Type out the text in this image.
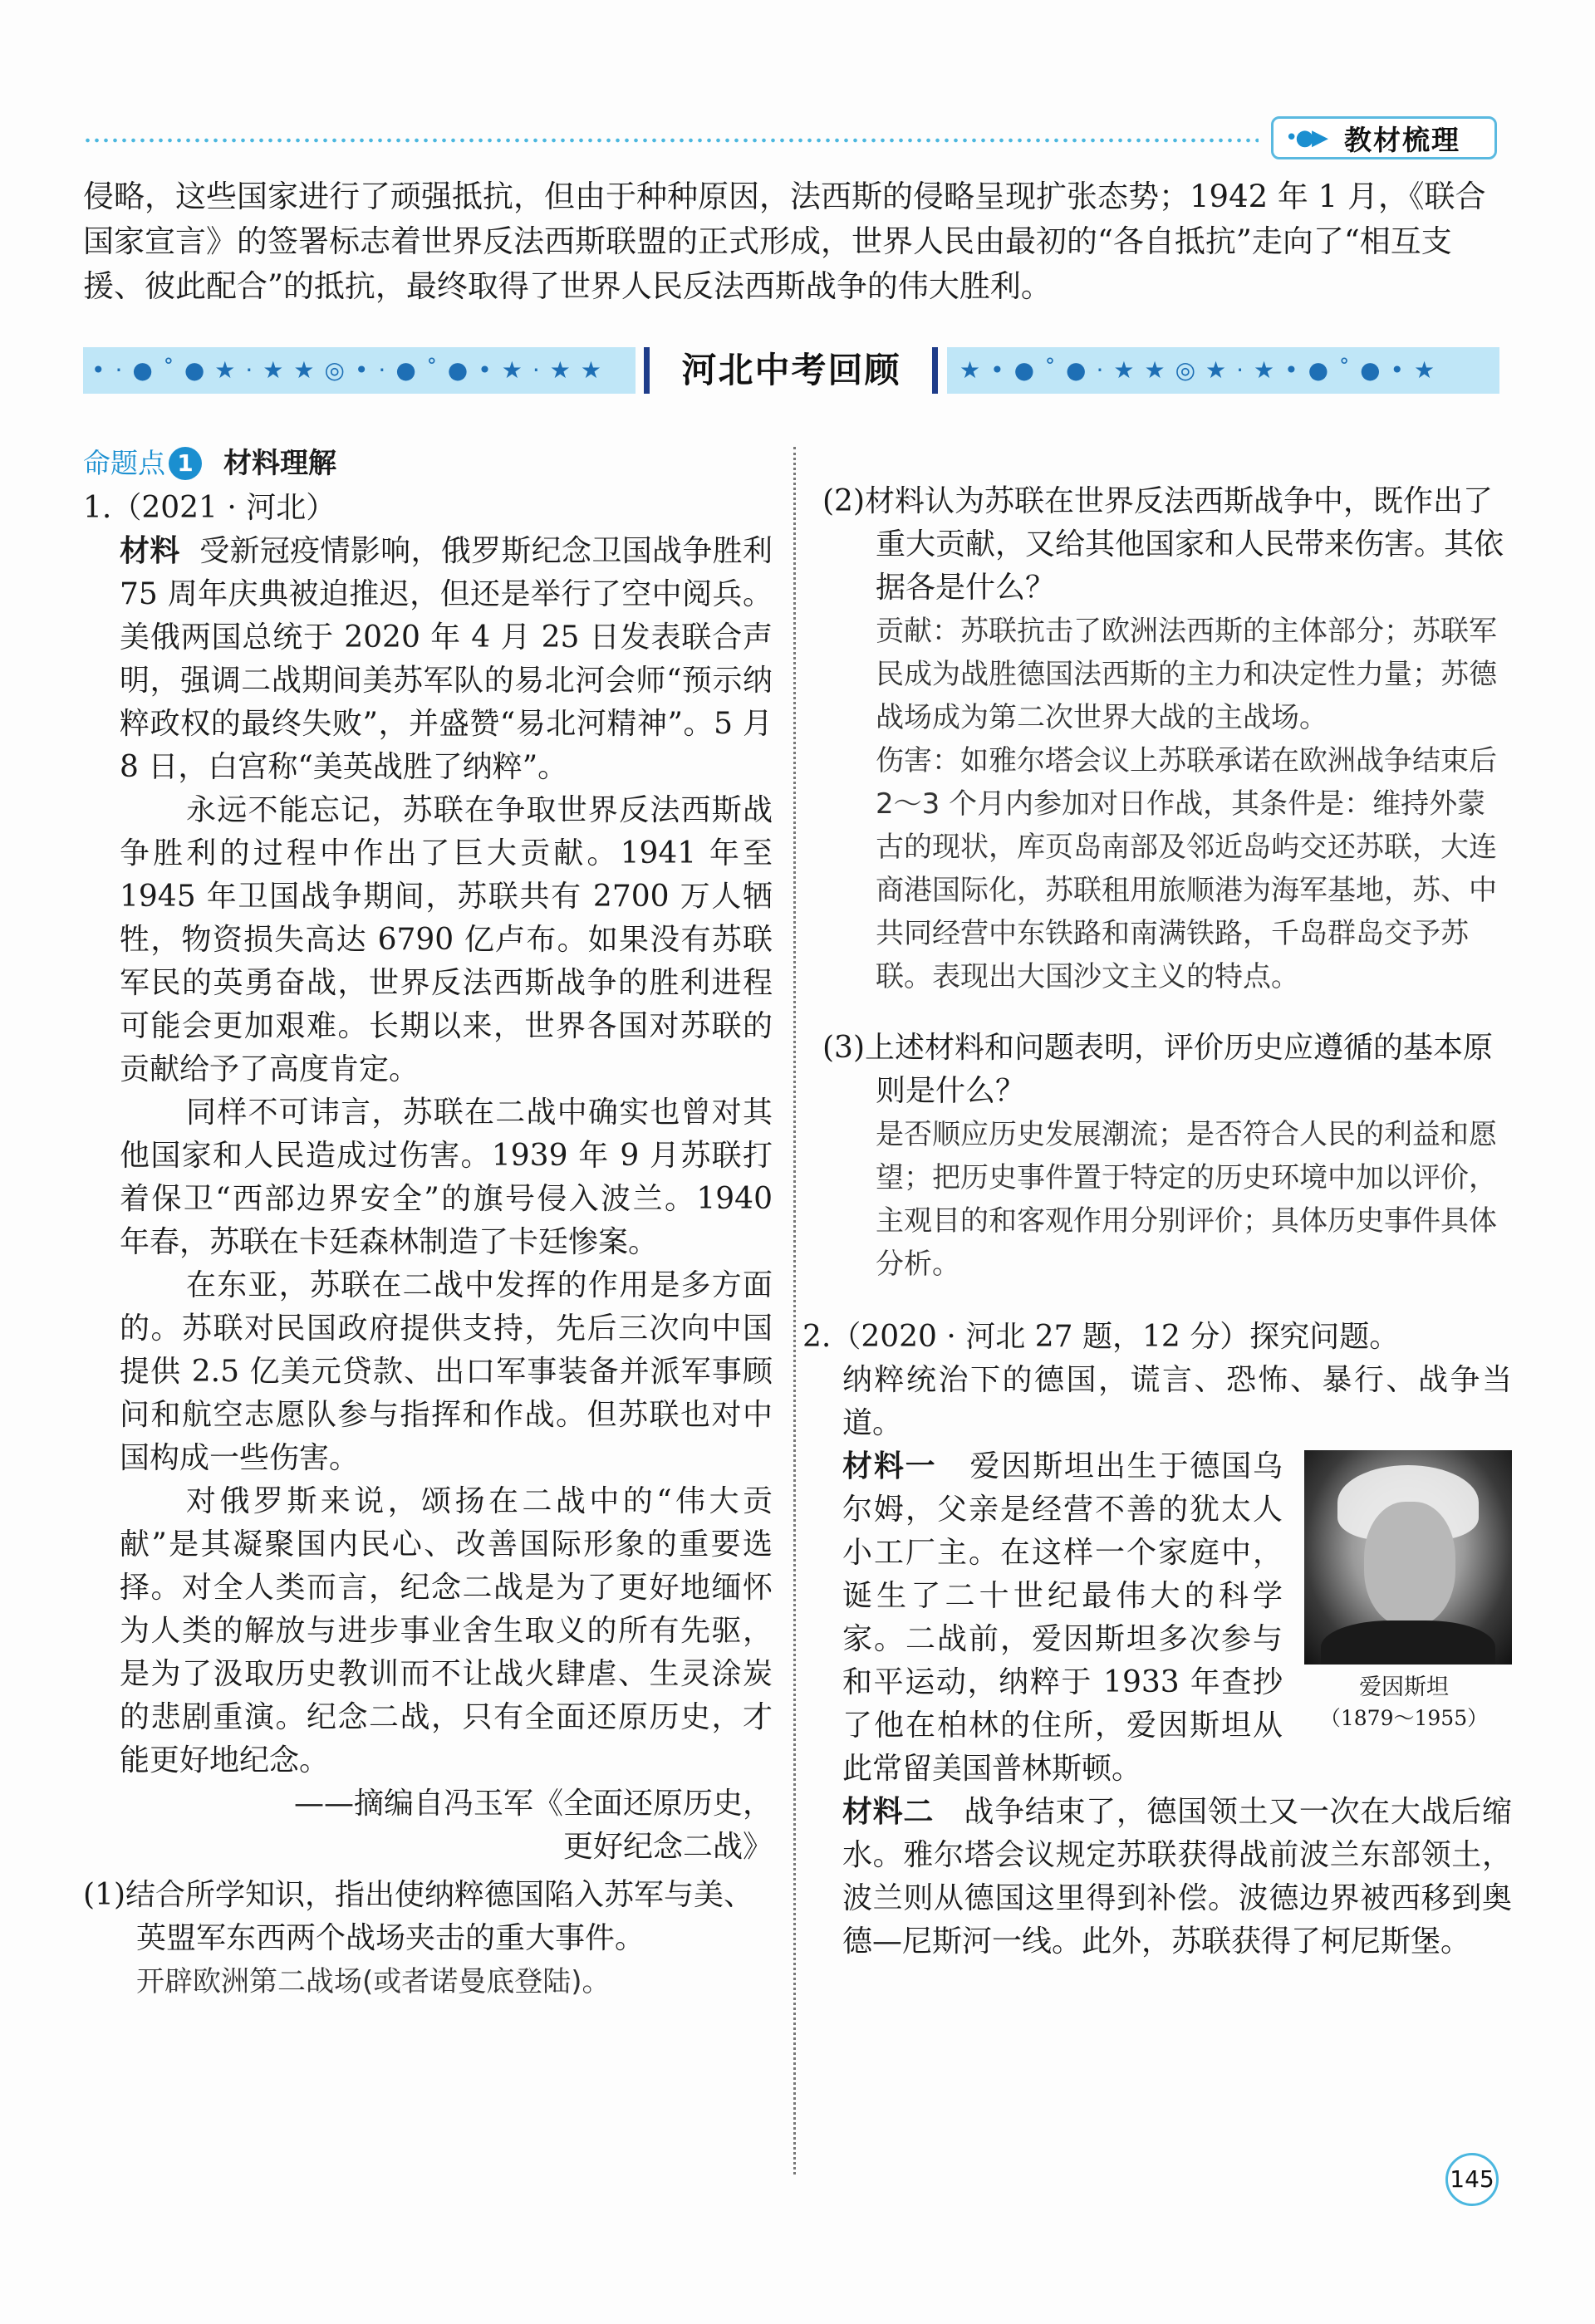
•●▶ 教材梳理

侵略，这些国家进行了顽强抵抗，但由于种种原因，法西斯的侵略呈现扩张态势；1942 年 1 月，《联合国家宣言》的签署标志着世界反法西斯联盟的正式形成，世界人民由最初的“各自抵抗”走向了“相互支援、彼此配合”的抵抗，最终取得了世界人民反法西斯战争的伟大胜利。

•·●˚●★·★★◎•·●˚●•★·★★	河北中考回顾	★•●˚●·★★◎★·★•●˚●•★
命题点 1	材料理解

1.（2021 · 河北）

材料 受新冠疫情影响，俄罗斯纪念卫国战争胜利 75 周年庆典被迫推迟，但还是举行了空中阅兵。美俄两国总统于 2020 年 4 月 25 日发表联合声明，强调二战期间美苏军队的易北河会师“预示纳粹政权的最终失败”，并盛赞“易北河精神”。5 月 8 日，白宫称“美英战胜了纳粹”。

永远不能忘记，苏联在争取世界反法西斯战争胜利的过程中作出了巨大贡献。1941 年至 1945 年卫国战争期间，苏联共有 2700 万人牺牲，物资损失高达 6790 亿卢布。如果没有苏联军民的英勇奋战，世界反法西斯战争的胜利进程可能会更加艰难。长期以来，世界各国对苏联的贡献给予了高度肯定。

同样不可讳言，苏联在二战中确实也曾对其他国家和人民造成过伤害。1939 年 9 月苏联打着保卫“西部边界安全”的旗号侵入波兰。1940 年春，苏联在卡廷森林制造了卡廷惨案。

在东亚，苏联在二战中发挥的作用是多方面的。苏联对民国政府提供支持，先后三次向中国提供 2.5 亿美元贷款、出口军事装备并派军事顾问和航空志愿队参与指挥和作战。但苏联也对中国构成一些伤害。

对俄罗斯来说，颂扬在二战中的“伟大贡献”是其凝聚国内民心、改善国际形象的重要选择。对全人类而言，纪念二战是为了更好地缅怀为人类的解放与进步事业舍生取义的所有先驱，是为了汲取历史教训而不让战火肆虐、生灵涂炭的悲剧重演。纪念二战，只有全面还原历史，才能更好地纪念。

——摘编自冯玉军《全面还原历史，

更好纪念二战》

(1)结合所学知识，指出使纳粹德国陷入苏军与美、英盟军东西两个战场夹击的重大事件。

开辟欧洲第二战场(或者诺曼底登陆)。

(2)材料认为苏联在世界反法西斯战争中，既作出了重大贡献，又给其他国家和人民带来伤害。其依据各是什么？

贡献：苏联抗击了欧洲法西斯的主体部分；苏联军民成为战胜德国法西斯的主力和决定性力量；苏德战场成为第二次世界大战的主战场。

伤害：如雅尔塔会议上苏联承诺在欧洲战争结束后 2～3 个月内参加对日作战，其条件是：维持外蒙古的现状，库页岛南部及邻近岛屿交还苏联，大连商港国际化，苏联租用旅顺港为海军基地，苏、中共同经营中东铁路和南满铁路，千岛群岛交予苏联。表现出大国沙文主义的特点。

(3)上述材料和问题表明，评价历史应遵循的基本原则是什么？

是否顺应历史发展潮流；是否符合人民的利益和愿望；把历史事件置于特定的历史环境中加以评价，主观目的和客观作用分别评价；具体历史事件具体分析。

2.（2020 · 河北 27 题，12 分）探究问题。

纳粹统治下的德国，谎言、恐怖、暴行、战争当道。

爱因斯坦
（1879～1955）

材料一 爱因斯坦出生于德国乌尔姆，父亲是经营不善的犹太人小工厂主。在这样一个家庭中，诞生了二十世纪最伟大的科学家。二战前，爱因斯坦多次参与和平运动，纳粹于 1933 年查抄了他在柏林的住所，爱因斯坦从此常留美国普林斯顿。

材料二 战争结束了，德国领土又一次在大战后缩水。雅尔塔会议规定苏联获得战前波兰东部领土，波兰则从德国这里得到补偿。波德边界被西移到奥德—尼斯河一线。此外，苏联获得了柯尼斯堡。

145
